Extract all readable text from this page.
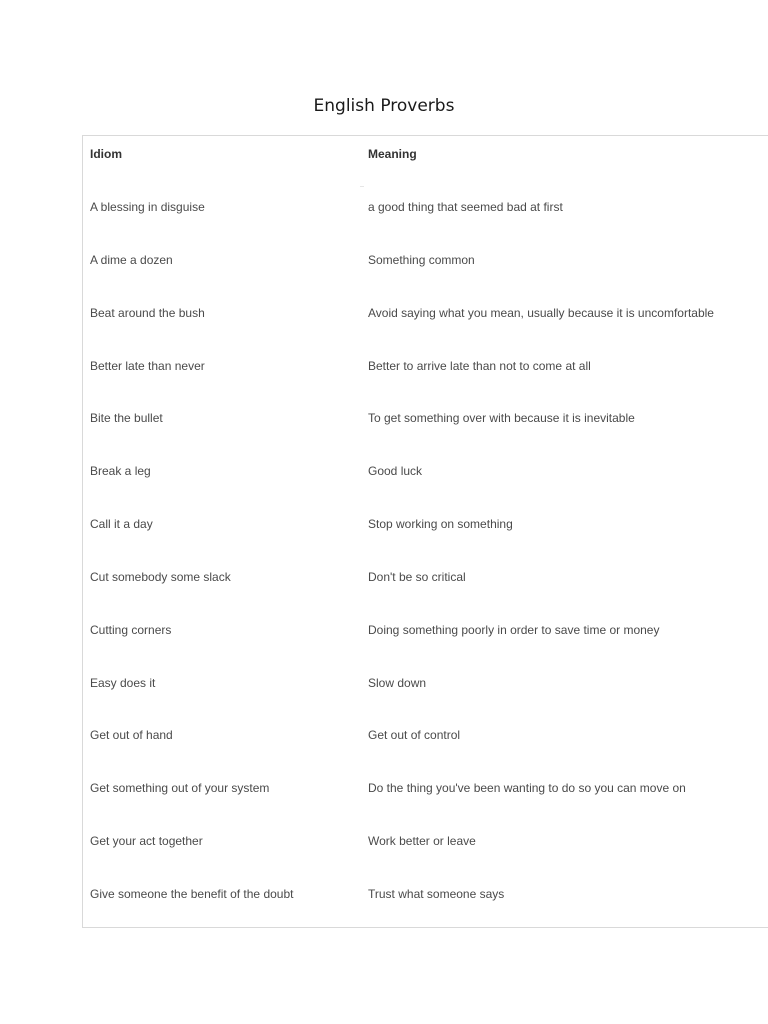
English Proverbs
Idiom	Meaning
A blessing in disguise	a good thing that seemed bad at first
A dime a dozen	Something common
Beat around the bush	Avoid saying what you mean, usually because it is uncomfortable
Better late than never	Better to arrive late than not to come at all
Bite the bullet	To get something over with because it is inevitable
Break a leg	Good luck
Call it a day	Stop working on something
Cut somebody some slack	Don't be so critical
Cutting corners	Doing something poorly in order to save time or money
Easy does it	Slow down
Get out of hand	Get out of control
Get something out of your system	Do the thing you've been wanting to do so you can move on
Get your act together	Work better or leave
Give someone the benefit of the doubt	Trust what someone says
